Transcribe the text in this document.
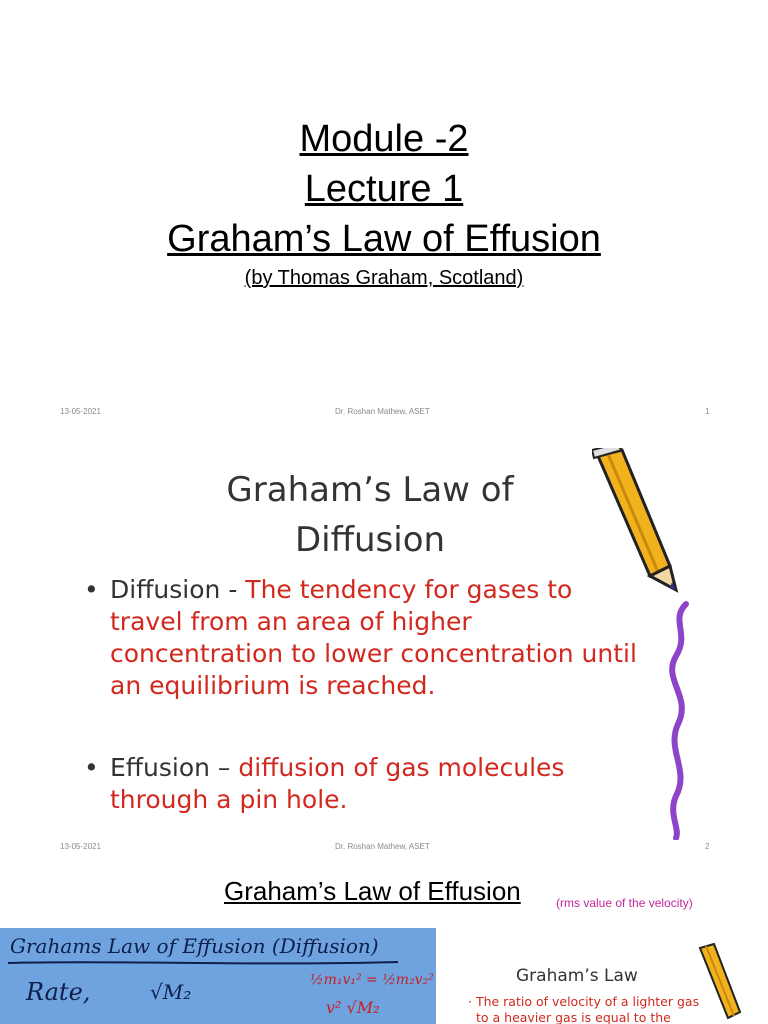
Module -2
Lecture 1
Graham’s Law of Effusion
(by Thomas Graham, Scotland)
13-05-2021	Dr. Roshan Mathew, ASET	1
Graham’s Law of
Diffusion
• Diffusion - The tendency for gases to travel from an area of higher concentration to lower concentration until an equilibrium is reached.
• Effusion – diffusion of gas molecules through a pin hole.
13-05-2021	Dr. Roshan Mathew, ASET	2
Graham’s Law of Effusion	(rms value of the velocity)
Grahams Law of Effusion (Diffusion)
Rate,	√M₂	½m₁v₁² = ½m₂v₂²
v² √M₂
Graham’s Law
· The ratio of velocity of a lighter gas
to a heavier gas is equal to the
